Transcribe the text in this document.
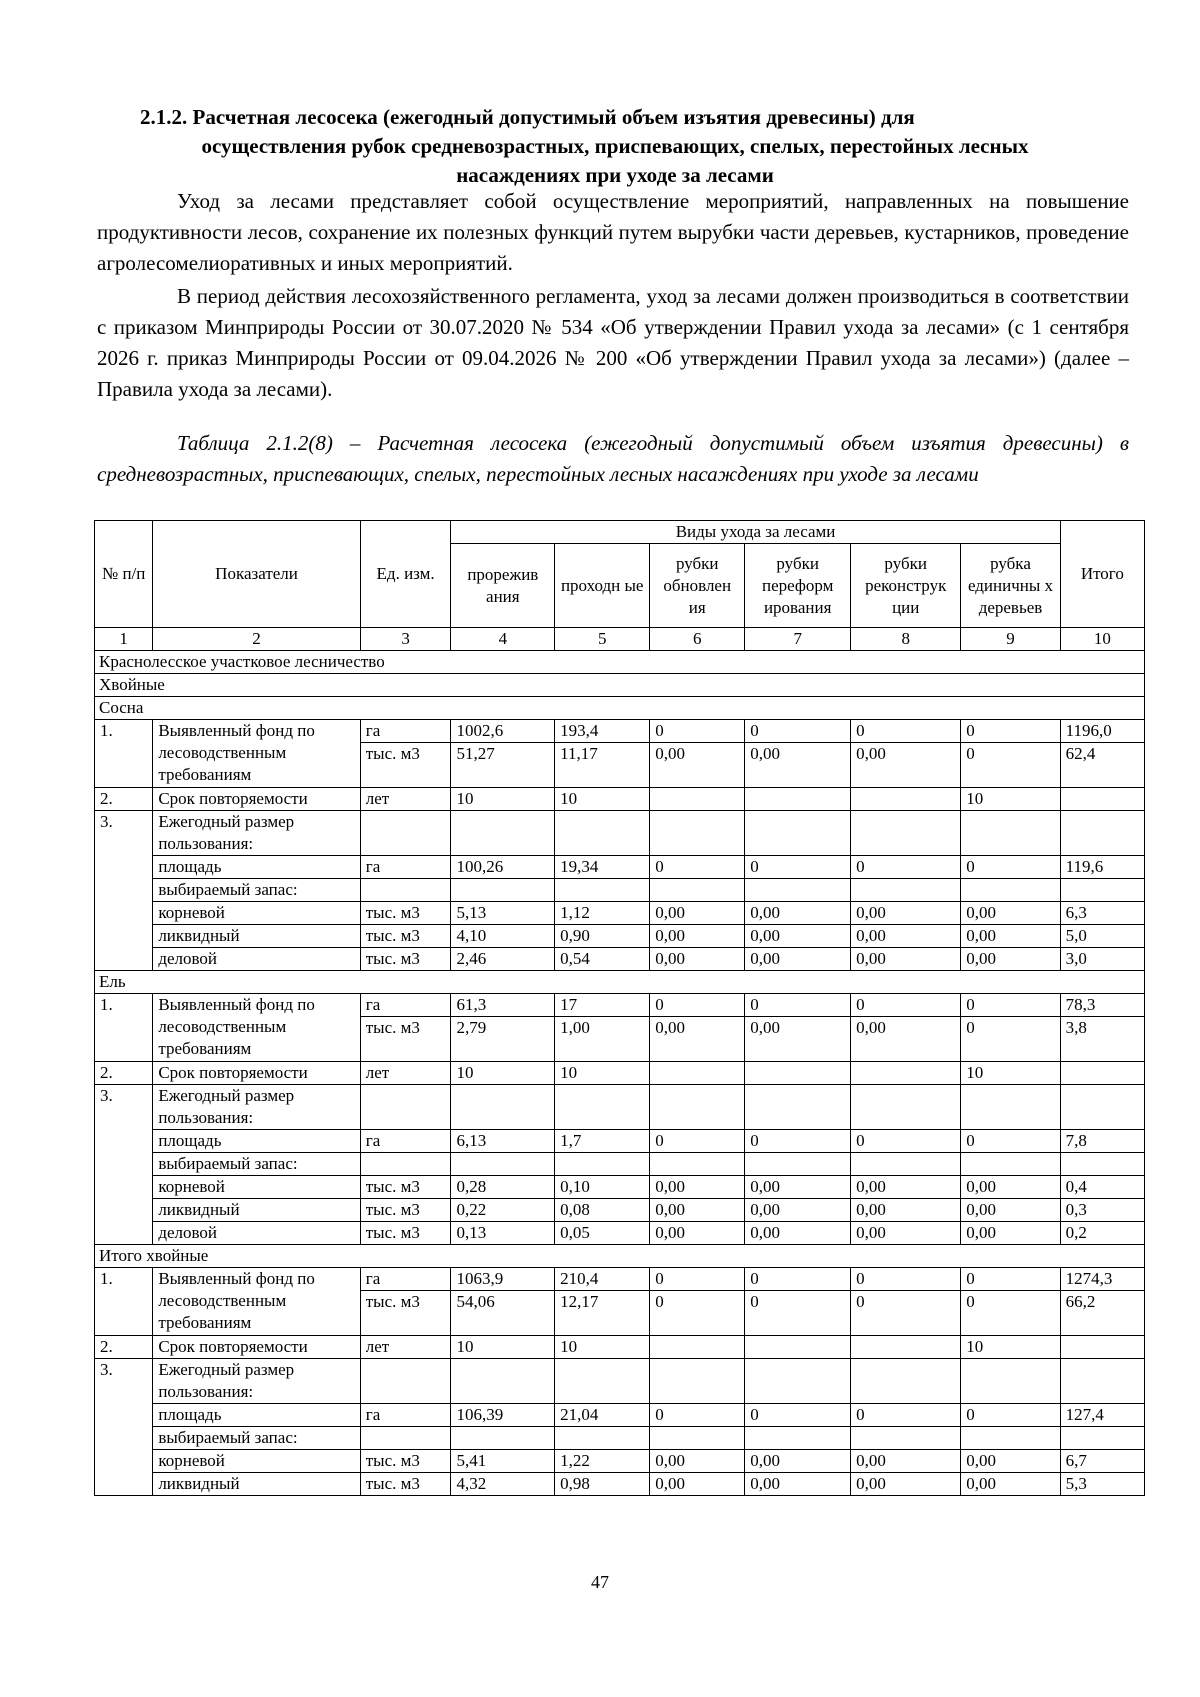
2.1.2. Расчетная лесосека (ежегодный допустимый объем изъятия древесины) для
осуществления рубок средневозрастных, приспевающих, спелых, перестойных лесных
насаждениях при уходе за лесами

Уход за лесами представляет собой осуществление мероприятий, направленных на повышение продуктивности лесов, сохранение их полезных функций путем вырубки части деревьев, кустарников, проведение агролесомелиоративных и иных мероприятий.

В период действия лесохозяйственного регламента, уход за лесами должен производиться в соответствии с приказом Минприроды России от 30.07.2020 № 534 «Об утверждении Правил ухода за лесами» (с 1 сентября 2026 г. приказ Минприроды России от 09.04.2026 № 200 «Об утверждении Правил ухода за лесами») (далее – Правила ухода за лесами).

Таблица 2.1.2(8) – Расчетная лесосека (ежегодный допустимый объем изъятия древесины) в средневозрастных, приспевающих, спелых, перестойных лесных насаждениях при уходе за лесами

№ п/п	Показатели	Ед. изм.	Виды ухода за лесами						Итого
			прорежив ания	проходн ые	рубки обновлен ия	рубки переформ ирования	рубки реконструк ции	рубка единичны х деревьев	
1	2	3	4	5	6	7	8	9	10
Краснолесское участковое лесничество									
Хвойные									
Сосна									
1.	Выявленный фонд по лесоводственным требованиям	га	1002,6	193,4	0	0	0	0	1196,0
		тыс. м3	51,27	11,17	0,00	0,00	0,00	0	62,4
2.	Срок повторяемости	лет	10	10				10	
3.	Ежегодный размер пользования:								
	площадь	га	100,26	19,34	0	0	0	0	119,6
	выбираемый запас:								
	корневой	тыс. м3	5,13	1,12	0,00	0,00	0,00	0,00	6,3
	ликвидный	тыс. м3	4,10	0,90	0,00	0,00	0,00	0,00	5,0
	деловой	тыс. м3	2,46	0,54	0,00	0,00	0,00	0,00	3,0
Ель									
1.	Выявленный фонд по лесоводственным требованиям	га	61,3	17	0	0	0	0	78,3
		тыс. м3	2,79	1,00	0,00	0,00	0,00	0	3,8
2.	Срок повторяемости	лет	10	10				10	
3.	Ежегодный размер пользования:								
	площадь	га	6,13	1,7	0	0	0	0	7,8
	выбираемый запас:								
	корневой	тыс. м3	0,28	0,10	0,00	0,00	0,00	0,00	0,4
	ликвидный	тыс. м3	0,22	0,08	0,00	0,00	0,00	0,00	0,3
	деловой	тыс. м3	0,13	0,05	0,00	0,00	0,00	0,00	0,2
Итого хвойные									
1.	Выявленный фонд по лесоводственным требованиям	га	1063,9	210,4	0	0	0	0	1274,3
		тыс. м3	54,06	12,17	0	0	0	0	66,2
2.	Срок повторяемости	лет	10	10				10	
3.	Ежегодный размер пользования:								
	площадь	га	106,39	21,04	0	0	0	0	127,4
	выбираемый запас:								
	корневой	тыс. м3	5,41	1,22	0,00	0,00	0,00	0,00	6,7
	ликвидный	тыс. м3	4,32	0,98	0,00	0,00	0,00	0,00	5,3
47
